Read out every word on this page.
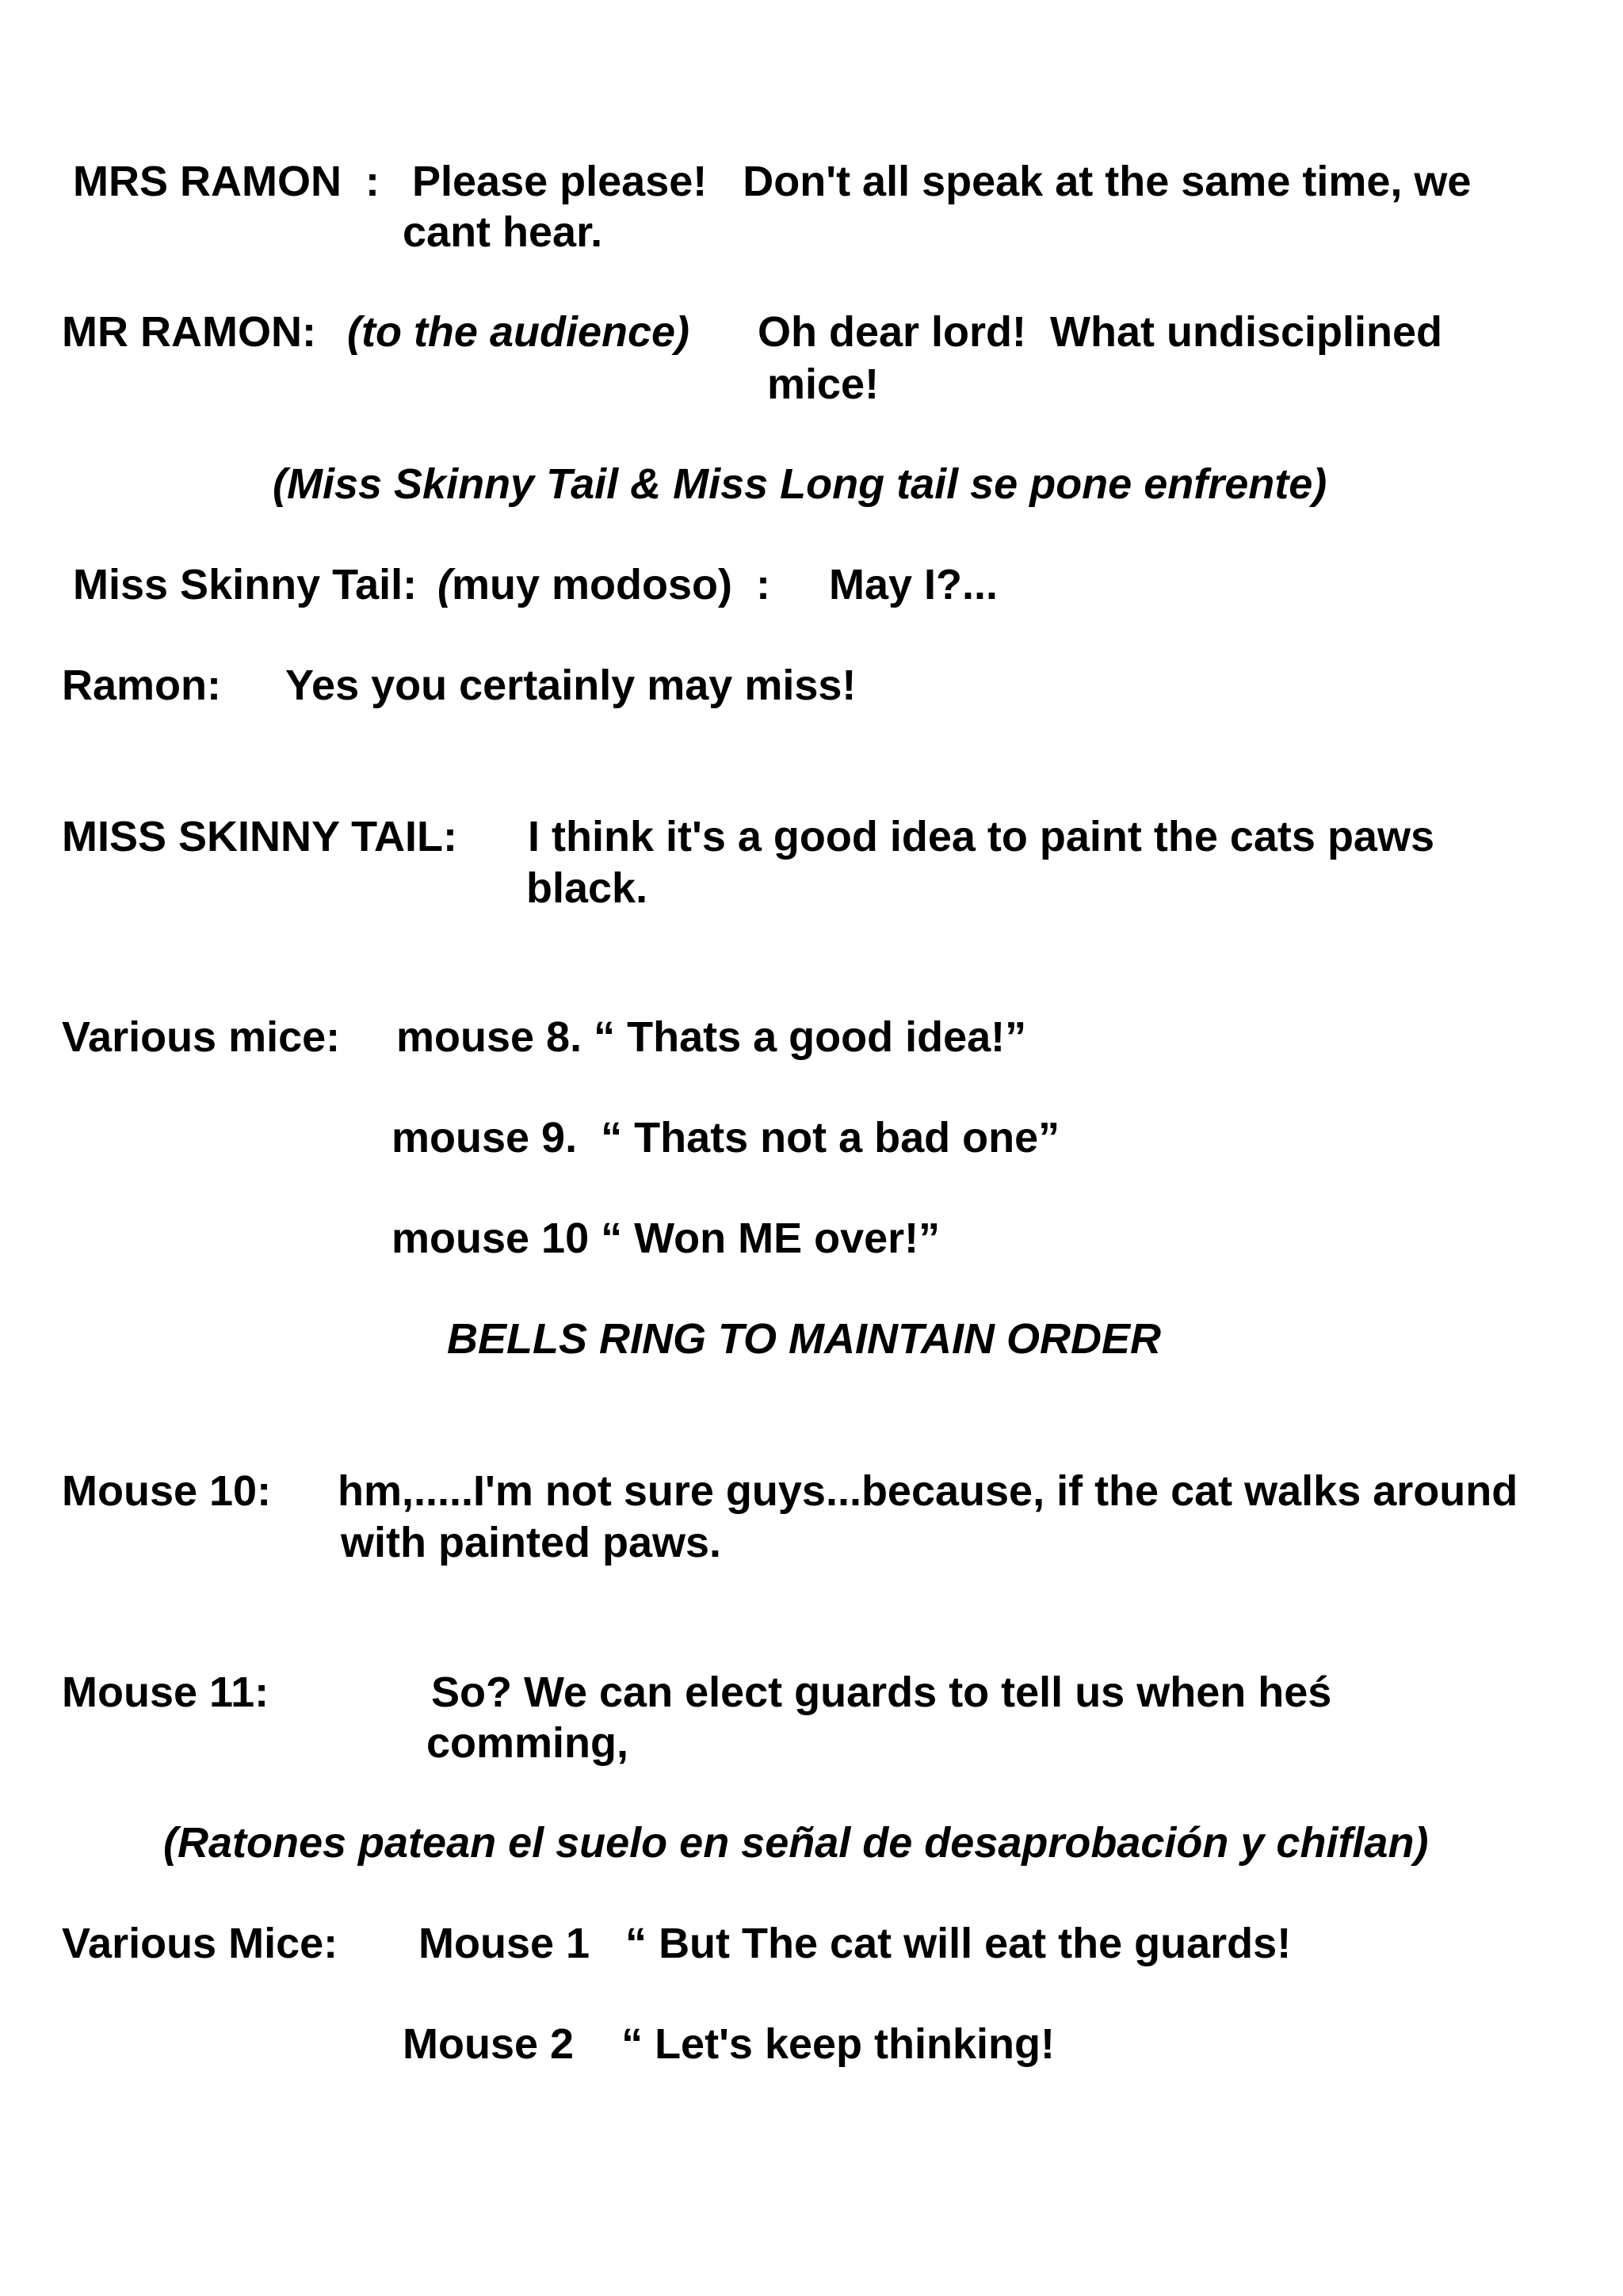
MRS RAMON  : Please please!   Don't all speak at the same time, we
cant hear.
MR RAMON: (to the audience) Oh dear lord!  What undisciplined
mice!
(Miss Skinny Tail & Miss Long tail se pone enfrente)
Miss Skinny Tail: ( muy modoso)  : May I?...
Ramon: Yes you certainly may miss!
MISS SKINNY TAIL: I think it's a good idea to paint the cats paws
black.
Various mice: mouse 8. “ Thats a good idea!”
mouse 9.  “ Thats not a bad one”
mouse 10 “ Won ME over!”
BELLS RING TO MAINTAIN ORDER
Mouse 10: hm,.....I'm not sure guys...because, if the cat walks around
with painted paws.
Mouse 11:	So? We can elect guards to tell us when heś
comming,
(Ratones patean el suelo en señal de desaprobación y chiflan)
Various Mice: Mouse 1   “ But The cat will eat the guards!
Mouse 2    “ Let's keep thinking!
